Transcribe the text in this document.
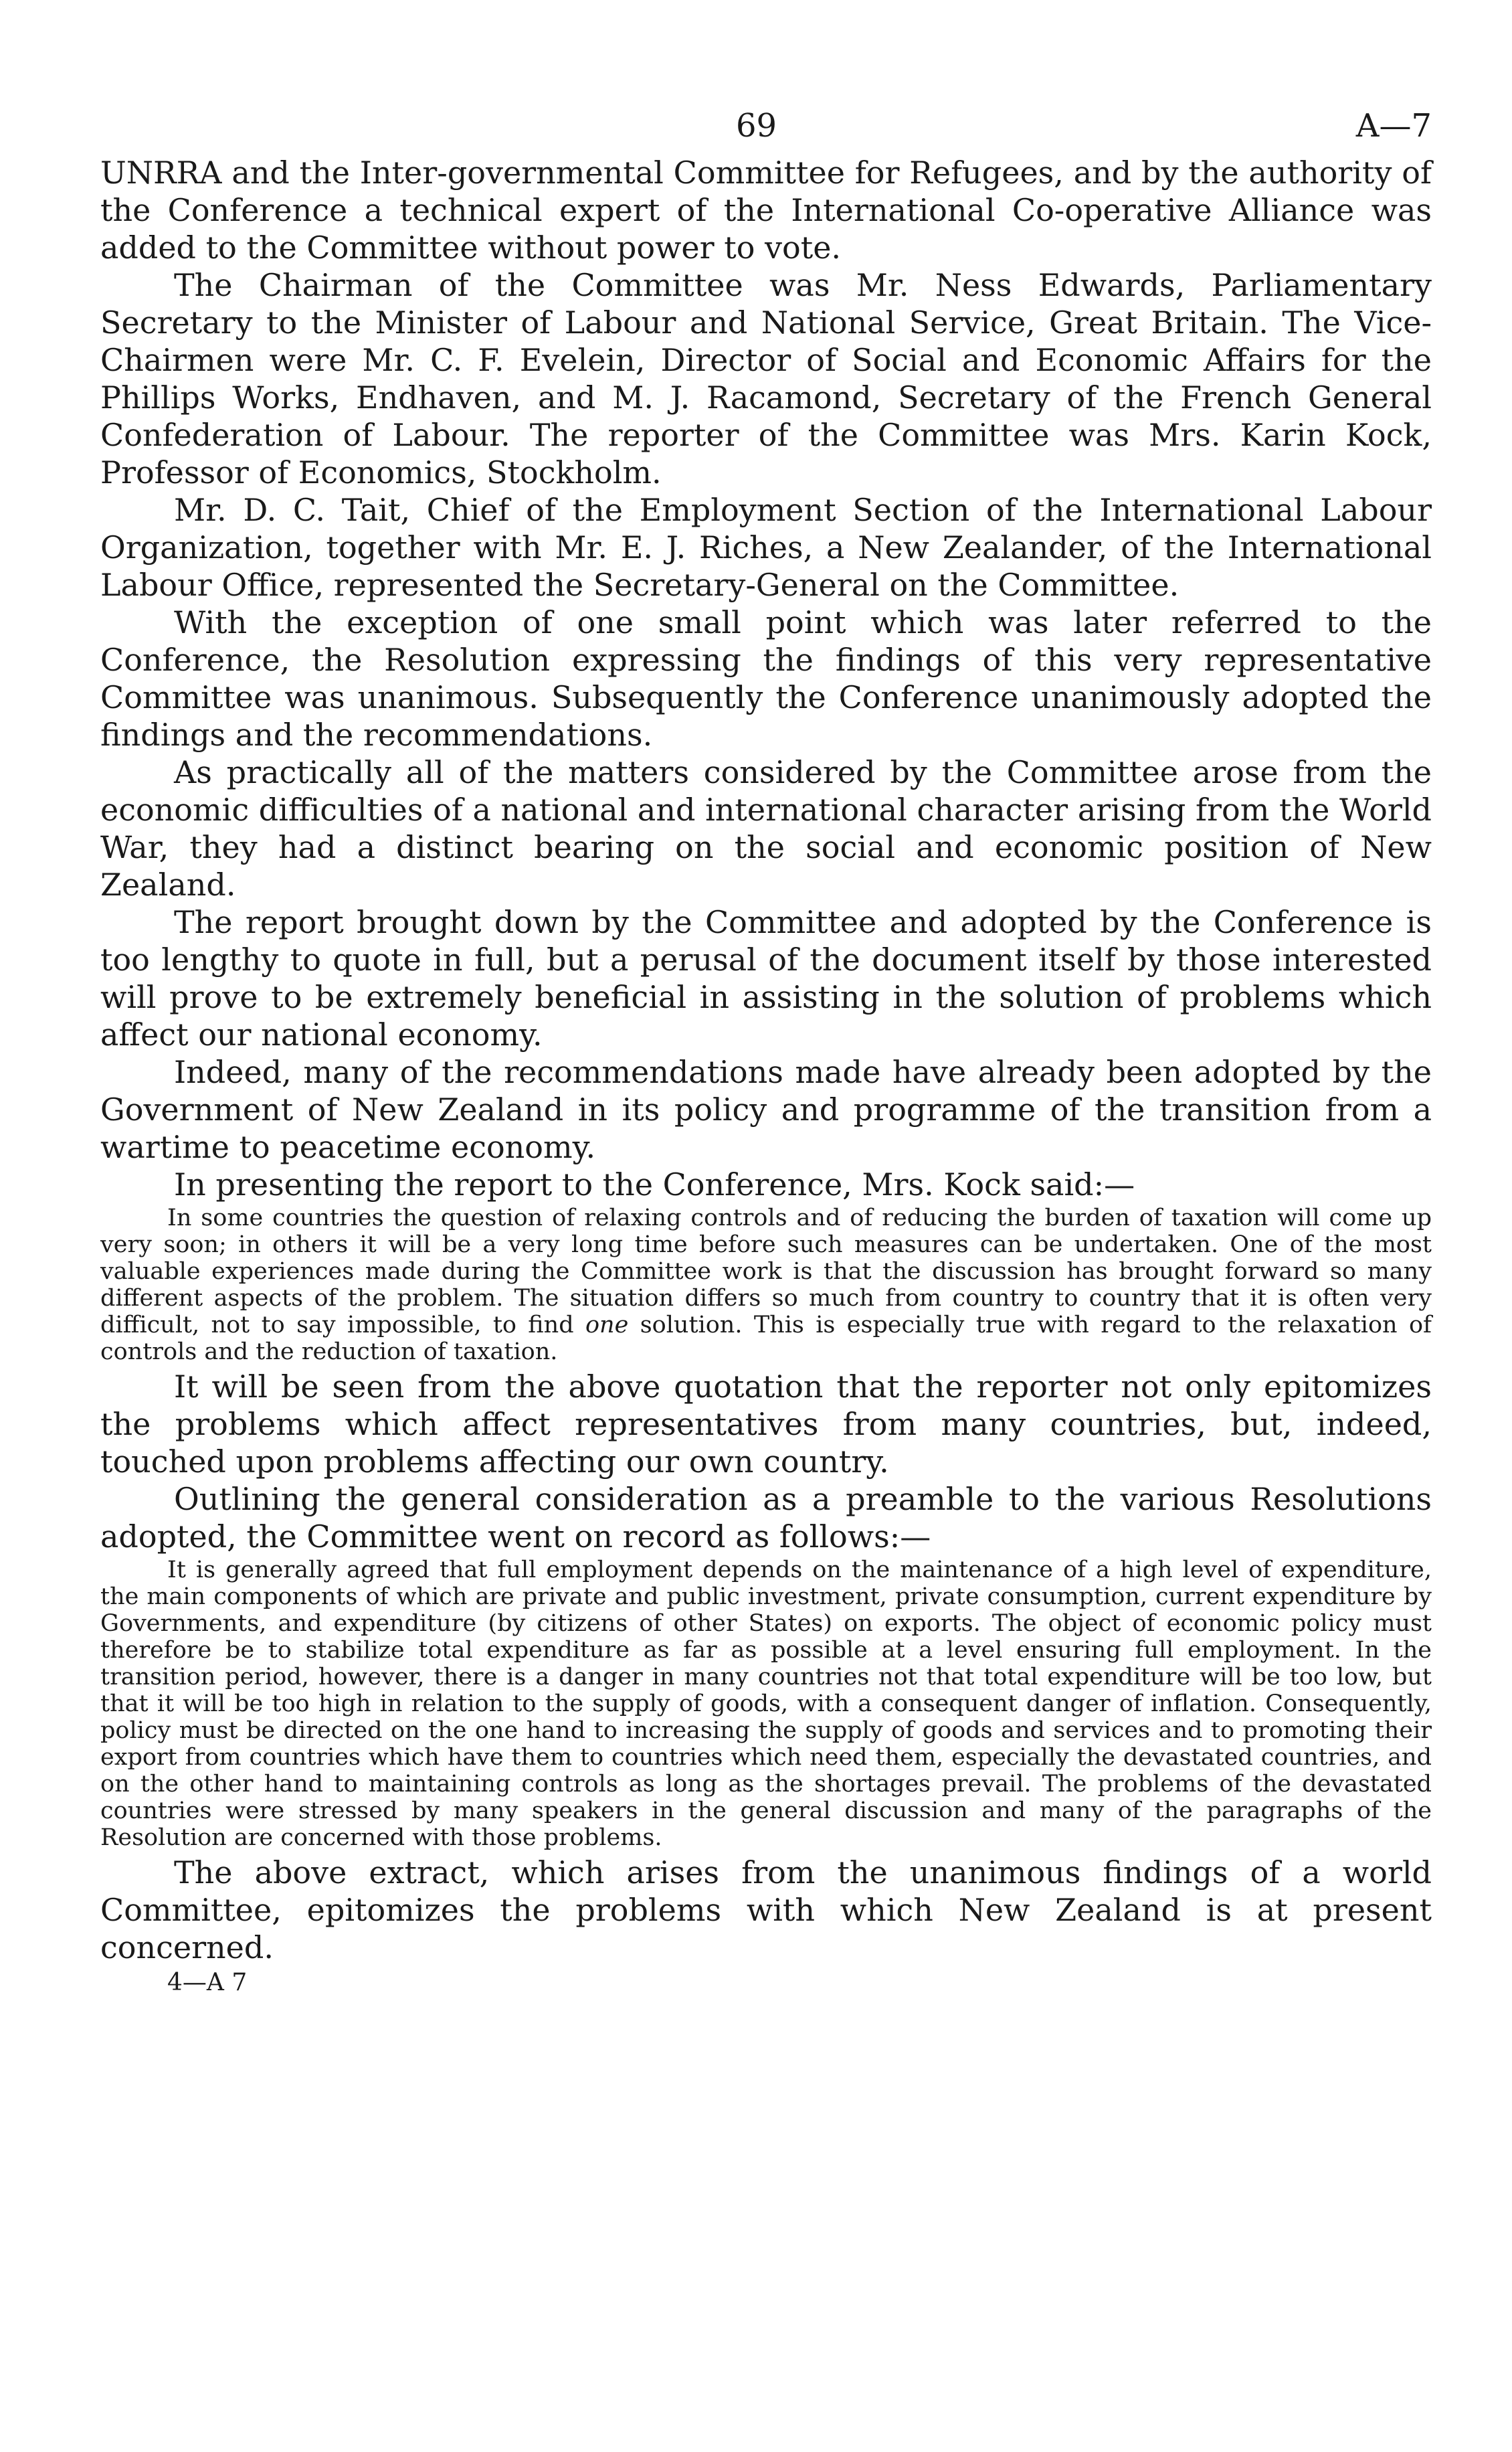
69	A—7

UNRRA and the Inter-governmental Committee for Refugees, and by the authority of the Conference a technical expert of the International Co-operative Alliance was added to the Committee without power to vote.

The Chairman of the Committee was Mr. Ness Edwards, Parliamentary Secretary to the Minister of Labour and National Service, Great Britain. The Vice-Chairmen were Mr. C. F. Evelein, Director of Social and Economic Affairs for the Phillips Works, Endhaven, and M. J. Racamond, Secretary of the French General Confederation of Labour. The reporter of the Committee was Mrs. Karin Kock, Professor of Economics, Stockholm.

Mr. D. C. Tait, Chief of the Employment Section of the International Labour Organization, together with Mr. E. J. Riches, a New Zealander, of the International Labour Office, represented the Secretary-General on the Committee.

With the exception of one small point which was later referred to the Conference, the Resolution expressing the findings of this very representative Committee was unanimous. Subsequently the Conference unanimously adopted the findings and the recommendations.

As practically all of the matters considered by the Committee arose from the economic difficulties of a national and international character arising from the World War, they had a distinct bearing on the social and economic position of New Zealand.

The report brought down by the Committee and adopted by the Conference is too lengthy to quote in full, but a perusal of the document itself by those interested will prove to be extremely beneficial in assisting in the solution of problems which affect our national economy.

Indeed, many of the recommendations made have already been adopted by the Government of New Zealand in its policy and programme of the transition from a wartime to peacetime economy.

In presenting the report to the Conference, Mrs. Kock said:—

In some countries the question of relaxing controls and of reducing the burden of taxation will come up very soon; in others it will be a very long time before such measures can be undertaken. One of the most valuable experiences made during the Committee work is that the discussion has brought forward so many different aspects of the problem. The situation differs so much from country to country that it is often very difficult, not to say impossible, to find one solution. This is especially true with regard to the relaxation of controls and the reduction of taxation.

It will be seen from the above quotation that the reporter not only epitomizes the problems which affect representatives from many countries, but, indeed, touched upon problems affecting our own country.

Outlining the general consideration as a preamble to the various Resolutions adopted, the Committee went on record as follows:—

It is generally agreed that full employment depends on the maintenance of a high level of expenditure, the main components of which are private and public investment, private consumption, current expenditure by Governments, and expenditure (by citizens of other States) on exports. The object of economic policy must therefore be to stabilize total expenditure as far as possible at a level ensuring full employment. In the transition period, however, there is a danger in many countries not that total expenditure will be too low, but that it will be too high in relation to the supply of goods, with a consequent danger of inflation. Consequently, policy must be directed on the one hand to increasing the supply of goods and services and to promoting their export from countries which have them to countries which need them, especially the devastated countries, and on the other hand to maintaining controls as long as the shortages prevail. The problems of the devastated countries were stressed by many speakers in the general discussion and many of the paragraphs of the Resolution are concerned with those problems.

The above extract, which arises from the unanimous findings of a world Committee, epitomizes the problems with which New Zealand is at present concerned.

4—A 7
